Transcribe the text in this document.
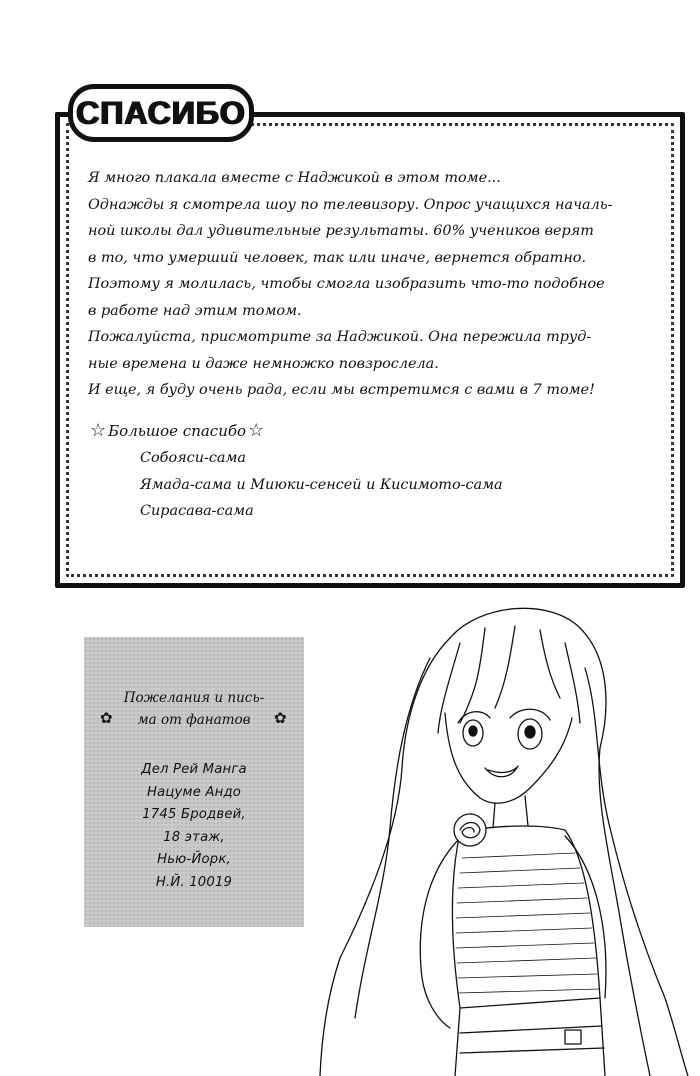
СПАСИБО

Я много плакала вместе с Наджикой в этом томе...

Однажды я смотрела шоу по телевизору. Опрос учащихся началь-

ной школы дал удивительные результаты. 60% учеников верят

в то, что умерший человек, так или иначе, вернется обратно.

Поэтому я молилась, чтобы смогла изобразить что-то подобное

в работе над этим томом.

Пожалуйста, присмотрите за Наджикой. Она пережила труд-

ные времена и даже немножко повзрослела.

И еще, я буду очень рада, если мы встретимся с вами в 7 томе!

☆ Большое спасибо ☆
Собояси-сама
Ямада-сама и Миюки-сенсей и Кисимото-сама
Сирасава-сама
Пожелания и пись-
ма от фанатов
✿	✿
Дел Рей Манга
Нацуме Андо
1745 Бродвей,
18 этаж,
Нью-Йорк,
Н.Й. 10019
